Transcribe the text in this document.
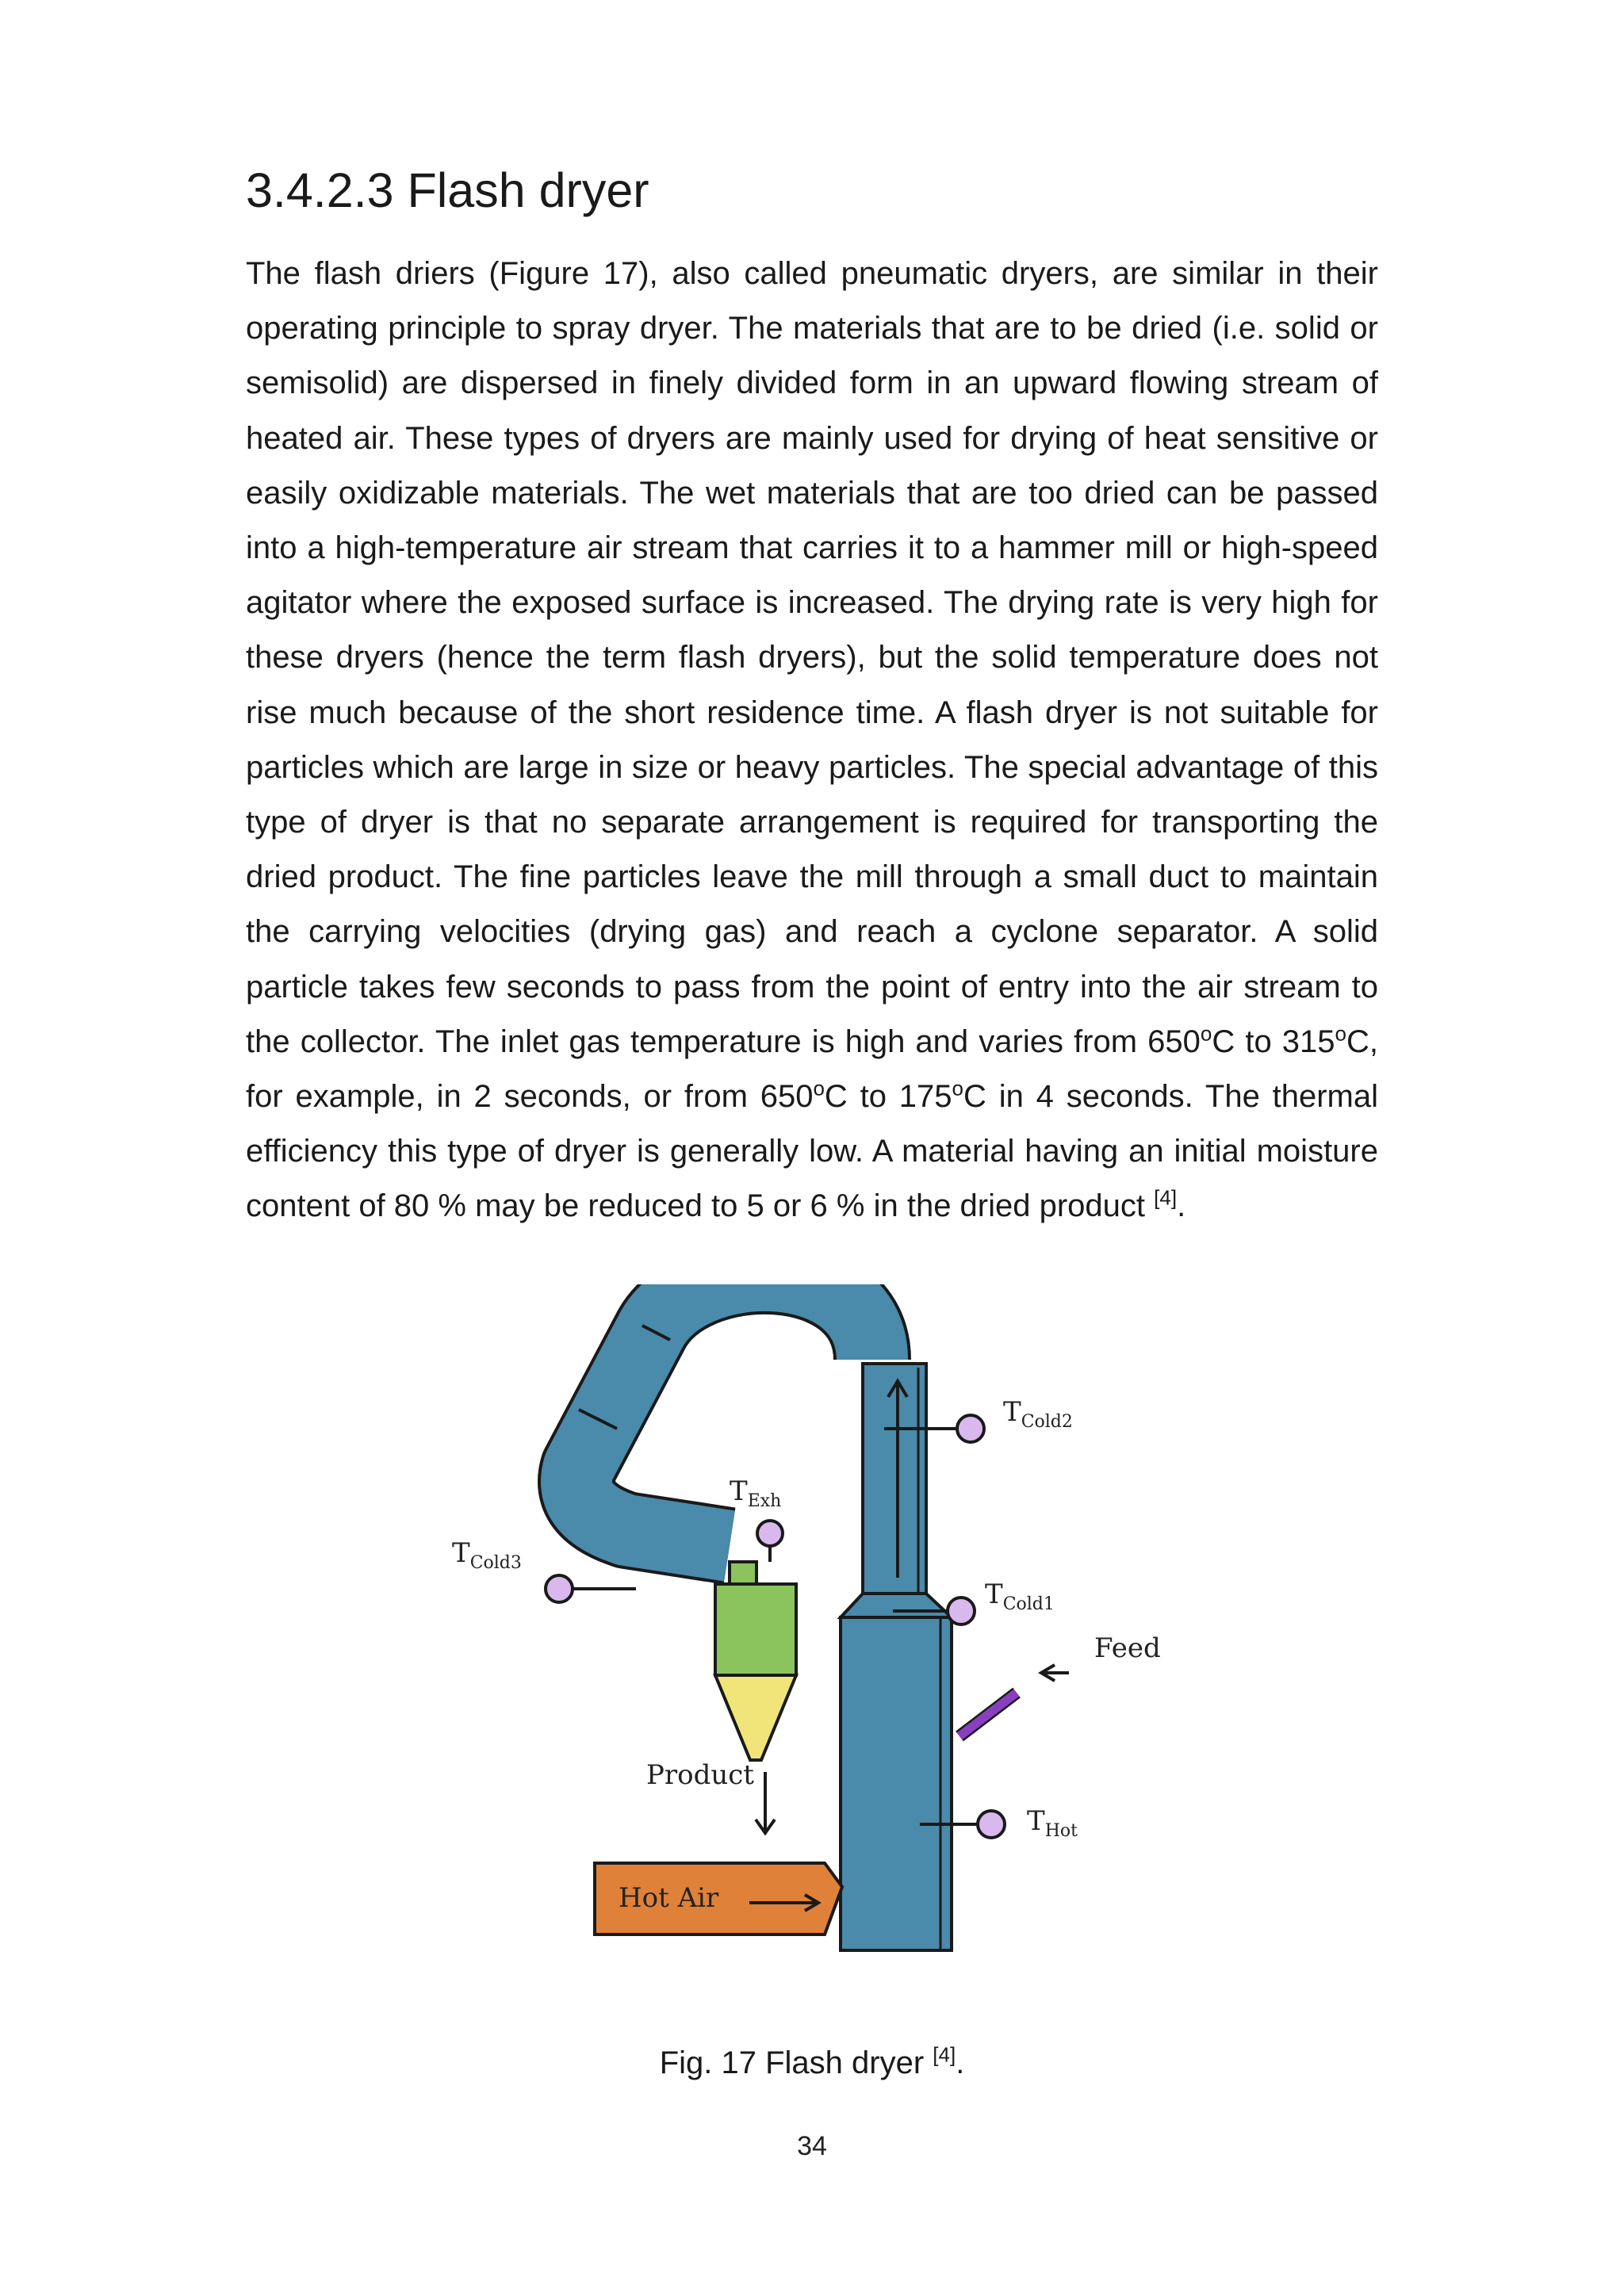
3.4.2.3 Flash dryer

The flash driers (Figure 17), also called pneumatic dryers, are similar in their operating principle to spray dryer. The materials that are to be dried (i.e. solid or semisolid) are dispersed in finely divided form in an upward flowing stream of heated air. These types of dryers are mainly used for drying of heat sensitive or easily oxidizable materials. The wet materials that are too dried can be passed into a high-temperature air stream that carries it to a hammer mill or high-speed agitator where the exposed surface is increased. The drying rate is very high for these dryers (hence the term flash dryers), but the solid temperature does not rise much because of the short residence time. A flash dryer is not suitable for particles which are large in size or heavy particles. The special advantage of this type of dryer is that no separate arrangement is required for transporting the dried product. The fine particles leave the mill through a small duct to maintain the carrying velocities (drying gas) and reach a cyclone separator. A solid particle takes few seconds to pass from the point of entry into the air stream to the collector. The inlet gas temperature is high and varies from 650$^o$C to 315$^o$C, for example, in 2 seconds, or from 650$^o$C to 175$^o$C in 4 seconds. The thermal efficiency this type of dryer is generally low. A material having an initial moisture content of 80 % may be reduced to 5 or 6 % in the dried product [4].

$T_{Cold2}$
$T_{Exh}$
$T_{Cold3}$
$T_{Cold1}$
Feed
$T_{Hot}$
Product
Hot Air
Fig. 17 Flash dryer [4].
34
